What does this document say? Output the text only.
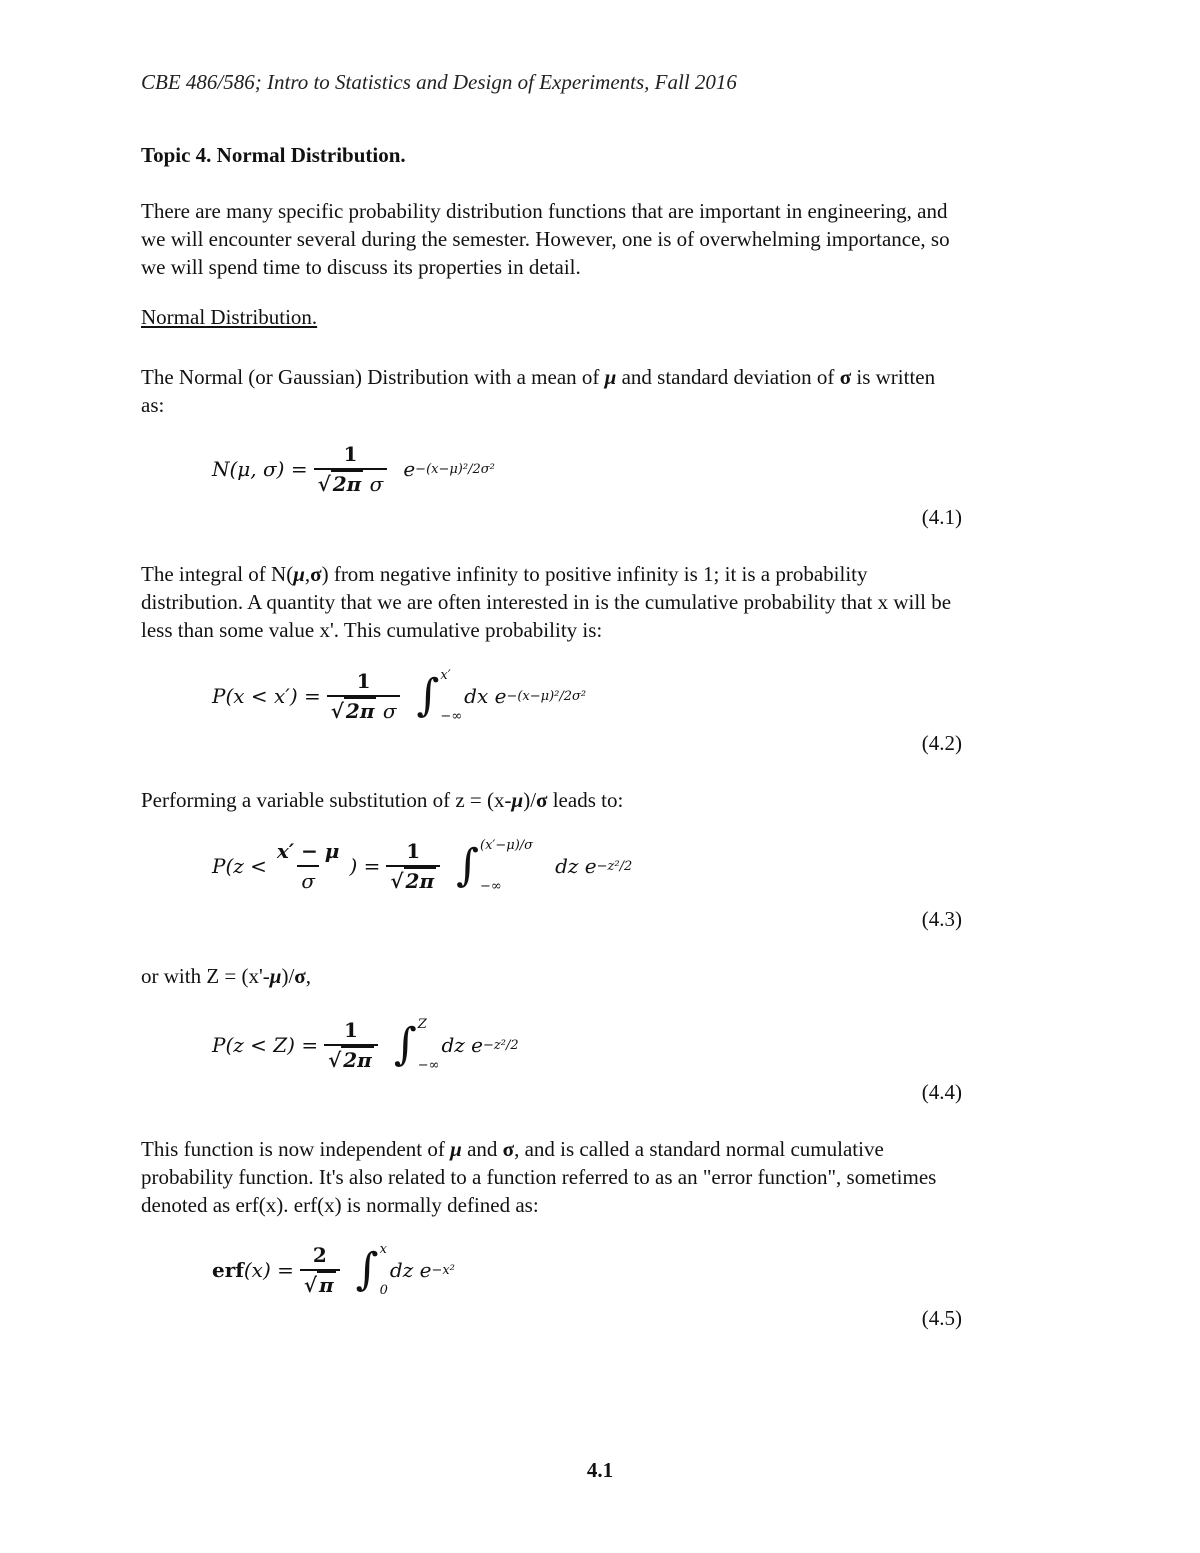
CBE 486/586; Intro to Statistics and Design of Experiments, Fall 2016
Topic 4. Normal Distribution.
There are many specific probability distribution functions that are important in engineering, and
we will encounter several during the semester. However, one is of overwhelming importance, so
we will spend time to discuss its properties in detail.
Normal Distribution.
The Normal (or Gaussian) Distribution with a mean of μ and standard deviation of σ is written
as:
N(μ, $\sigma) = \frac{1}{\text{√ 2π σ}}$ e −(x−μ)²/2σ²
(4.1)
The integral of N(μ,σ) from negative infinity to positive infinity is 1; it is a probability
distribution. A quantity that we are often interested in is the cumulative probability that x will be
less than some value x'. This cumulative probability is:
$P(x < x') = \frac{1}{\text{√ 2π σ}}$ ∫ x′
−∞
dx e −(x−μ)²/2σ²
(4.2)
Performing a variable substitution of z = (x-μ)/σ leads to:
$P(z < \frac{x' - \mu}{\sigma}$ ) = $\frac{1}{√ 2\pi}$ ∫ (x′−μ)/σ
−∞
dz e −z²/2
(4.3)
or with Z = (x'-μ)/σ,
$P(z < Z) = \frac{1}{√ 2\pi}$ ∫ Z
−∞
dz e −z²/2
(4.4)
This function is now independent of μ and σ, and is called a standard normal cumulative
probability function. It's also related to a function referred to as an "error function", sometimes
denoted as erf(x). erf(x) is normally defined as:
erf $(x) = \frac{2}{√ \pi}$ ∫ x
0
dz e −x²
(4.5)
4.1
